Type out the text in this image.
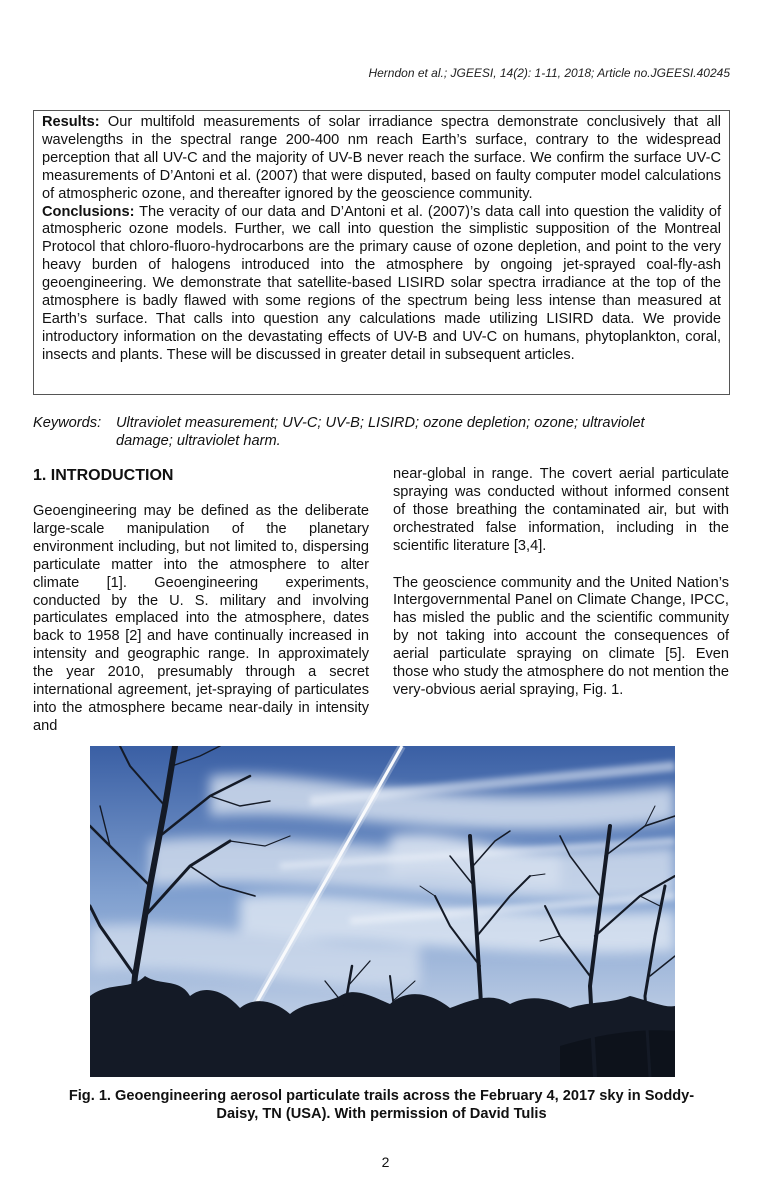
Herndon et al.; JGEESI, 14(2): 1-11, 2018; Article no.JGEESI.40245

Results: Our multifold measurements of solar irradiance spectra demonstrate conclusively that all wavelengths in the spectral range 200-400 nm reach Earth’s surface, contrary to the widespread perception that all UV-C and the majority of UV-B never reach the surface. We confirm the surface UV-C measurements of D’Antoni et al. (2007) that were disputed, based on faulty computer model calculations of atmospheric ozone, and thereafter ignored by the geoscience community.

Conclusions: The veracity of our data and D’Antoni et al. (2007)’s data call into question the validity of atmospheric ozone models. Further, we call into question the simplistic supposition of the Montreal Protocol that chloro-fluoro-hydrocarbons are the primary cause of ozone depletion, and point to the very heavy burden of halogens introduced into the atmosphere by ongoing jet-sprayed coal-fly-ash geoengineering. We demonstrate that satellite-based LISIRD solar spectra irradiance at the top of the atmosphere is badly flawed with some regions of the spectrum being less intense than measured at Earth’s surface. That calls into question any calculations made utilizing LISIRD data. We provide introductory information on the devastating effects of UV-B and UV-C on humans, phytoplankton, coral, insects and plants. These will be discussed in greater detail in subsequent articles.

Keywords:	Ultraviolet measurement; UV-C; UV-B; LISIRD; ozone depletion; ozone; ultraviolet

damage; ultraviolet harm.

1. INTRODUCTION

Geoengineering may be defined as the deliberate large-scale manipulation of the planetary environment including, but not limited to, dispersing particulate matter into the atmosphere to alter climate [1]. Geoengineering experiments, conducted by the U. S. military and involving particulates emplaced into the atmosphere, dates back to 1958 [2] and have continually increased in intensity and geographic range. In approximately the year 2010, presumably through a secret international agreement, jet-spraying of particulates into the atmosphere became near-daily in intensity and

near-global in range. The covert aerial particulate spraying was conducted without informed consent of those breathing the contaminated air, but with orchestrated false information, including in the scientific literature [3,4].

The geoscience community and the United Nation’s Intergovernmental Panel on Climate Change, IPCC, has misled the public and the scientific community by not taking into account the consequences of aerial particulate spraying on climate [5]. Even those who study the atmosphere do not mention the very-obvious aerial spraying, Fig. 1.

Fig. 1. Geoengineering aerosol particulate trails across the February 4, 2017 sky in Soddy-
Daisy, TN (USA). With permission of David Tulis
2
